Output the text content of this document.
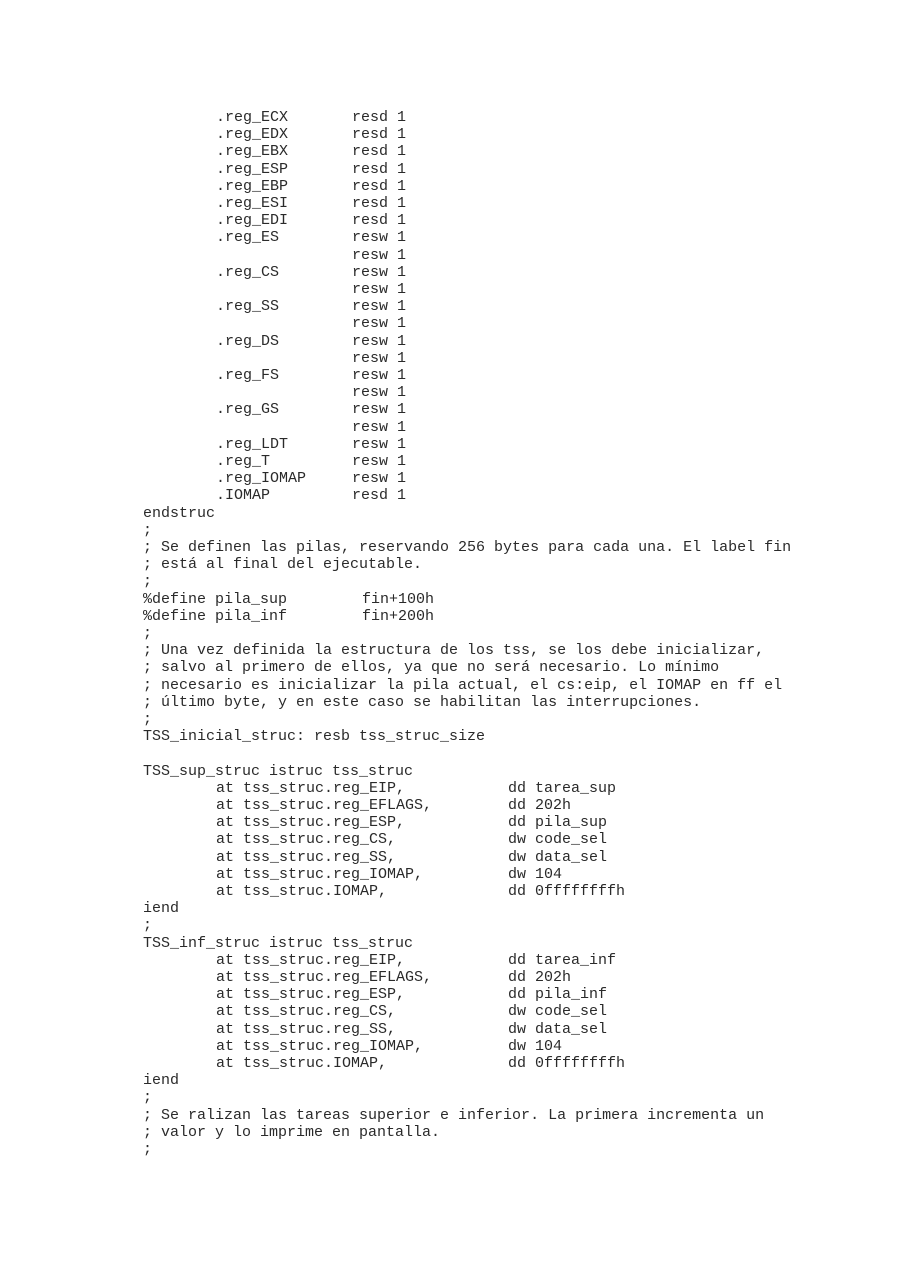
.reg_ECX	resd 1
.reg_EDX	resd 1
.reg_EBX	resd 1
.reg_ESP	resd 1
.reg_EBP	resd 1
.reg_ESI	resd 1
.reg_EDI	resd 1
.reg_ES	resw 1
resw 1
.reg_CS	resw 1
resw 1
.reg_SS	resw 1
resw 1
.reg_DS	resw 1
resw 1
.reg_FS	resw 1
resw 1
.reg_GS	resw 1
resw 1
.reg_LDT	resw 1
.reg_T	resw 1
.reg_IOMAP	resw 1
.IOMAP	resd 1
endstruc
;
; Se definen las pilas, reservando 256 bytes para cada una. El label fin
; está al final del ejecutable.
;
%define pila_sup	fin+100h
%define pila_inf	fin+200h
;
; Una vez definida la estructura de los tss, se los debe inicializar,
; salvo al primero de ellos, ya que no será necesario. Lo mínimo
; necesario es inicializar la pila actual, el cs:eip, el IOMAP en ff el
; último byte, y en este caso se habilitan las interrupciones.
;
TSS_inicial_struc: resb tss_struc_size
TSS_sup_struc istruc tss_struc
at tss_struc.reg_EIP,	dd tarea_sup
at tss_struc.reg_EFLAGS,	dd 202h
at tss_struc.reg_ESP,	dd pila_sup
at tss_struc.reg_CS,	dw code_sel
at tss_struc.reg_SS,	dw data_sel
at tss_struc.reg_IOMAP,	dw 104
at tss_struc.IOMAP,	dd 0ffffffffh
iend
;
TSS_inf_struc istruc tss_struc
at tss_struc.reg_EIP,	dd tarea_inf
at tss_struc.reg_EFLAGS,	dd 202h
at tss_struc.reg_ESP,	dd pila_inf
at tss_struc.reg_CS,	dw code_sel
at tss_struc.reg_SS,	dw data_sel
at tss_struc.reg_IOMAP,	dw 104
at tss_struc.IOMAP,	dd 0ffffffffh
iend
;
; Se ralizan las tareas superior e inferior. La primera incrementa un
; valor y lo imprime en pantalla.
;
